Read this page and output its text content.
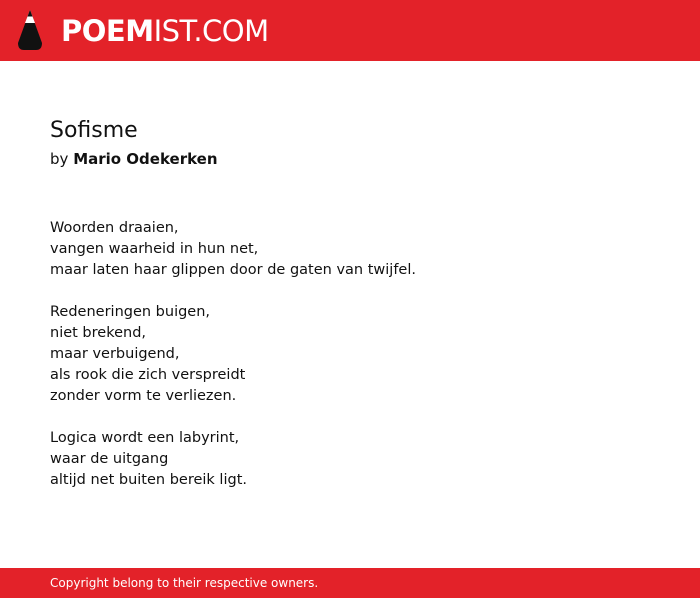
POEMIST.COM
Sofisme
by Mario Odekerken
Woorden draaien,
vangen waarheid in hun net,
maar laten haar glippen door de gaten van twijfel.
Redeneringen buigen,
niet brekend,
maar verbuigend,
als rook die zich verspreidt
zonder vorm te verliezen.
Logica wordt een labyrint,
waar de uitgang
altijd net buiten bereik ligt.
Copyright belong to their respective owners.
